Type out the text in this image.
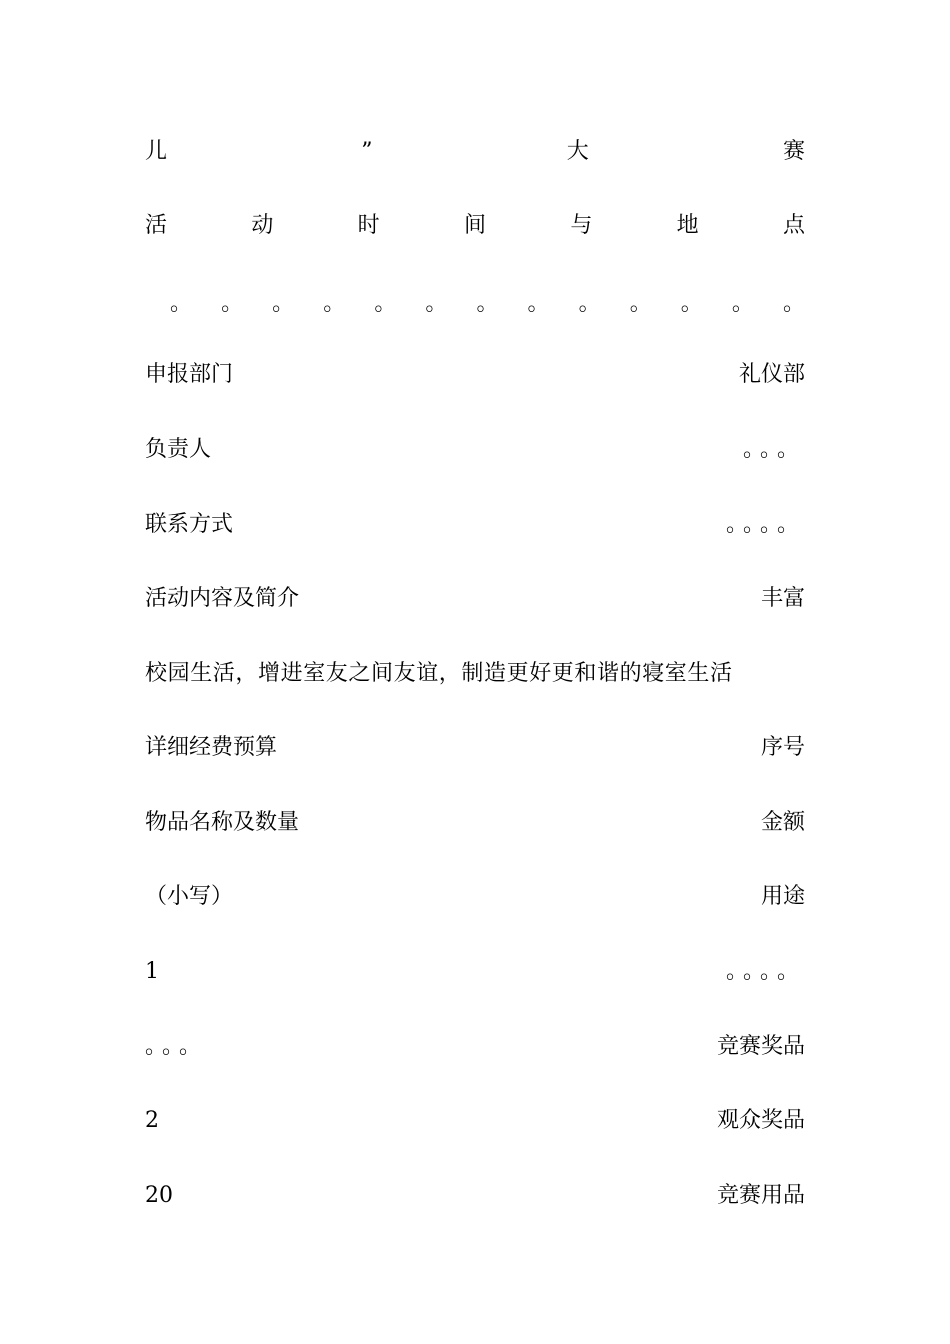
儿	”	大	赛
活	动	时	间	与	地	点
。 。 。 。 。 。 。 。 。 。 。 。 。
申报部门	礼仪部
负责人	。。。
联系方式	。。。。
活动内容及简介	丰富
校园生活，增进室友之间友谊，制造更好更和谐的寝室生活
详细经费预算	序号
物品名称及数量	金额
（小写）	用途
1	。。。。
。。。	竞赛奖品
2	观众奖品
20	竞赛用品
